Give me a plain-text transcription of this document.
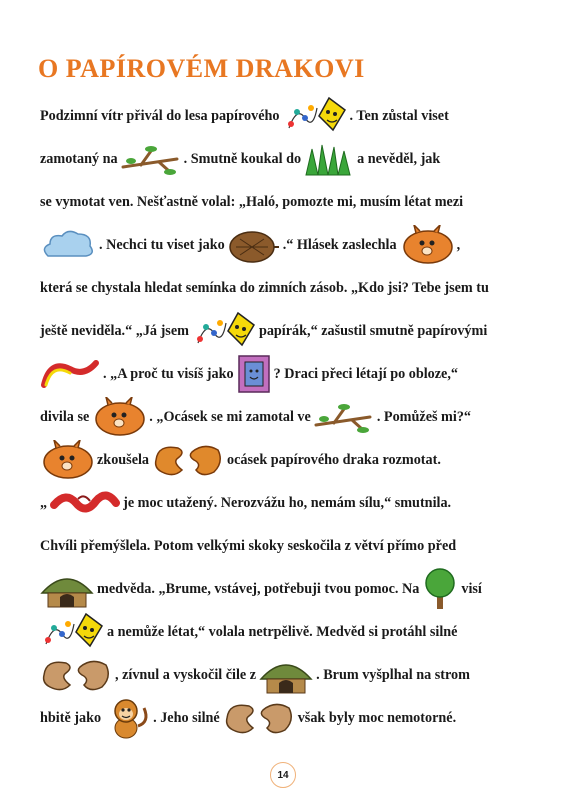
O PAPÍROVÉM DRAKOVI
Podzimní vítr přivál do lesa papírového	. Ten zůstal viset
zamotaný na	. Smutně koukal do	a nevěděl, jak
se vymotat ven. Nešťastně volal: „Haló, pomozte mi, musím létat mezi
. Nechci tu viset jako	.“ Hlásek zaslechla	,
která se chystala hledat semínka do zimních zásob. „Kdo jsi? Tebe jsem tu
ještě neviděla.“ „Já jsem	papírák,“ zašustil smutně papírovými
. „A proč tu visíš jako	? Draci přeci létají po obloze,“
divila se	. „Ocásek se mi zamotal ve	. Pomůžeš mi?“
zkoušela	ocásek papírového draka rozmotat.
„	je moc utažený. Nerozvážu ho, nemám sílu,“ smutnila.
Chvíli přemýšlela. Potom velkými skoky seskočila z větví přímo před
medvěda. „Brume, vstávej, potřebuji tvou pomoc. Na	visí
a nemůže létat,“ volala netrpělivě. Medvěd si protáhl silné
, zívnul a vyskočil čile z	. Brum vyšplhal na strom
hbitě jako	. Jeho silné	však byly moc nemotorné.
14
